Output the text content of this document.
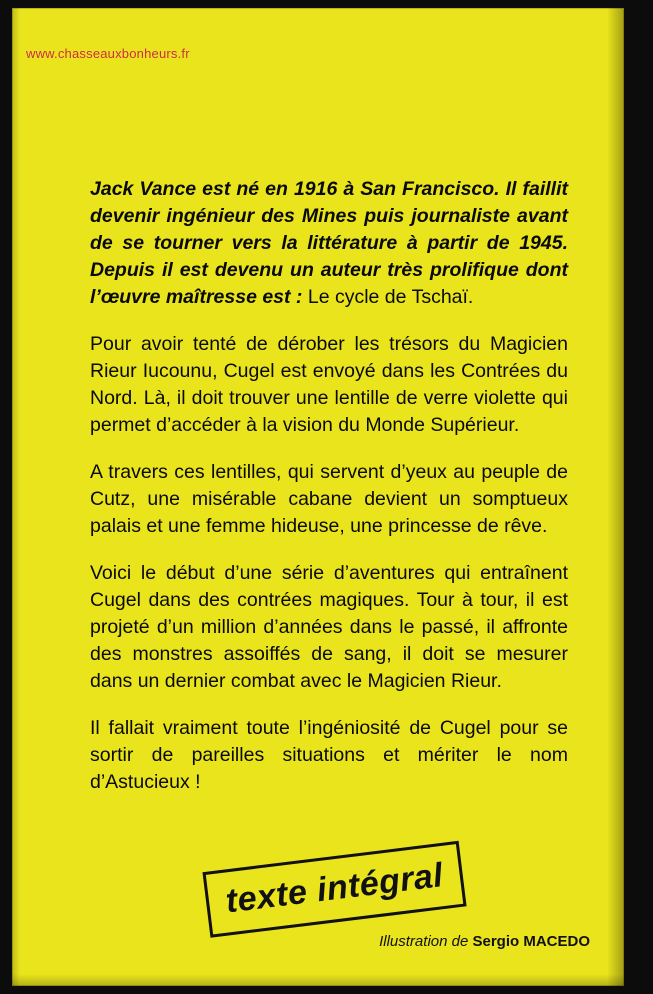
www.chasseauxbonheurs.fr

Jack Vance est né en 1916 à San Francisco. Il faillit devenir ingénieur des Mines puis journaliste avant de se tourner vers la littérature à partir de 1945. Depuis il est devenu un auteur très prolifique dont l’œuvre maîtresse est : Le cycle de Tschaï.

Pour avoir tenté de dérober les trésors du Magicien Rieur Iucounu, Cugel est envoyé dans les Contrées du Nord. Là, il doit trouver une lentille de verre violette qui permet d’accéder à la vision du Monde Supérieur.

A travers ces lentilles, qui servent d’yeux au peuple de Cutz, une misérable cabane devient un somptueux palais et une femme hideuse, une princesse de rêve.

Voici le début d’une série d’aventures qui entraînent Cugel dans des contrées magiques. Tour à tour, il est projeté d’un million d’années dans le passé, il affronte des monstres assoiffés de sang, il doit se mesurer dans un dernier combat avec le Magicien Rieur.

Il fallait vraiment toute l’ingéniosité de Cugel pour se sortir de pareilles situations et mériter le nom d’Astucieux !

texte intégral
Illustration de Sergio MACEDO
